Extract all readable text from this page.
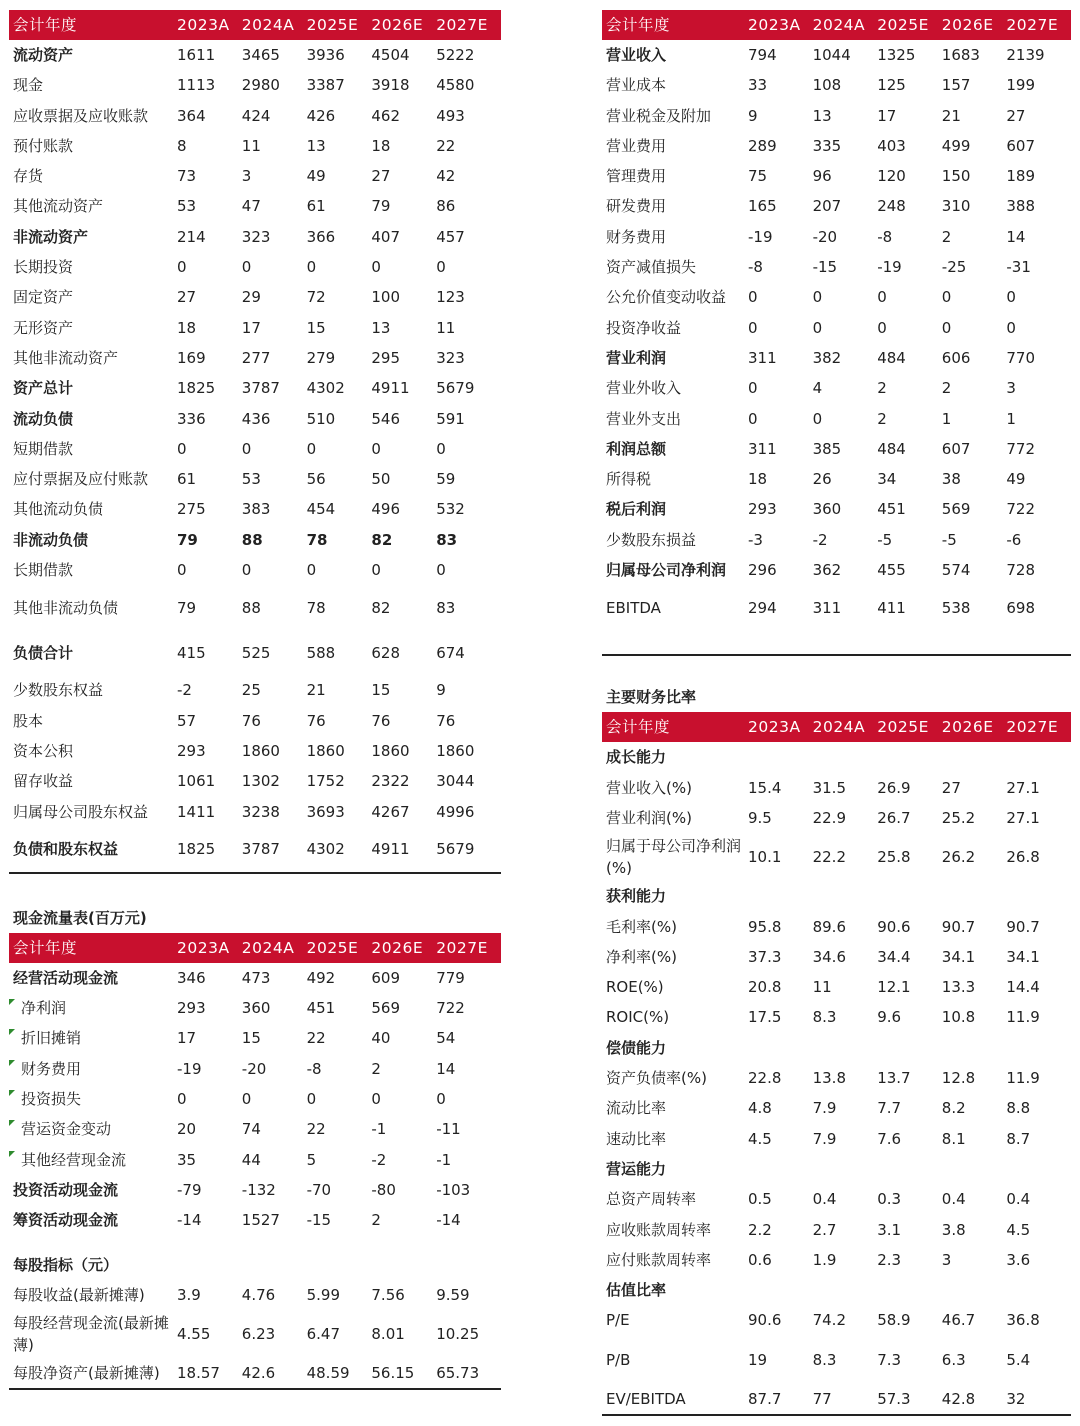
会计年度	2023A	2024A	2025E	2026E	2027E
流动资产	1611	3465	3936	4504	5222
现金	1113	2980	3387	3918	4580
应收票据及应收账款	364	424	426	462	493
预付账款	8	11	13	18	22
存货	73	3	49	27	42
其他流动资产	53	47	61	79	86
非流动资产	214	323	366	407	457
长期投资	0	0	0	0	0
固定资产	27	29	72	100	123
无形资产	18	17	15	13	11
其他非流动资产	169	277	279	295	323
资产总计	1825	3787	4302	4911	5679
流动负债	336	436	510	546	591
短期借款	0	0	0	0	0
应付票据及应付账款	61	53	56	50	59
其他流动负债	275	383	454	496	532
非流动负债	79	88	78	82	83
长期借款	0	0	0	0	0
其他非流动负债	79	88	78	82	83
负债合计	415	525	588	628	674
少数股东权益	-2	25	21	15	9
股本	57	76	76	76	76
资本公积	293	1860	1860	1860	1860
留存收益	1061	1302	1752	2322	3044
归属母公司股东权益	1411	3238	3693	4267	4996
负债和股东权益	1825	3787	4302	4911	5679
现金流量表(百万元)
会计年度	2023A	2024A	2025E	2026E	2027E
经营活动现金流	346	473	492	609	779
净利润	293	360	451	569	722
折旧摊销	17	15	22	40	54
财务费用	-19	-20	-8	2	14
投资损失	0	0	0	0	0
营运资金变动	20	74	22	-1	-11
其他经营现金流	35	44	5	-2	-1
投资活动现金流	-79	-132	-70	-80	-103
筹资活动现金流	-14	1527	-15	2	-14
每股指标（元）
每股收益(最新摊薄)	3.9	4.76	5.99	7.56	9.59
每股经营现金流(最新摊薄)	4.55	6.23	6.47	8.01	10.25
每股净资产(最新摊薄)	18.57	42.6	48.59	56.15	65.73
会计年度	2023A	2024A	2025E	2026E	2027E
营业收入	794	1044	1325	1683	2139
营业成本	33	108	125	157	199
营业税金及附加	9	13	17	21	27
营业费用	289	335	403	499	607
管理费用	75	96	120	150	189
研发费用	165	207	248	310	388
财务费用	-19	-20	-8	2	14
资产减值损失	-8	-15	-19	-25	-31
公允价值变动收益	0	0	0	0	0
投资净收益	0	0	0	0	0
营业利润	311	382	484	606	770
营业外收入	0	4	2	2	3
营业外支出	0	0	2	1	1
利润总额	311	385	484	607	772
所得税	18	26	34	38	49
税后利润	293	360	451	569	722
少数股东损益	-3	-2	-5	-5	-6
归属母公司净利润	296	362	455	574	728
EBITDA	294	311	411	538	698
主要财务比率
会计年度	2023A	2024A	2025E	2026E	2027E
成长能力					
营业收入(%)	15.4	31.5	26.9	27	27.1
营业利润(%)	9.5	22.9	26.7	25.2	27.1
归属于母公司净利润(%)	10.1	22.2	25.8	26.2	26.8
获利能力					
毛利率(%)	95.8	89.6	90.6	90.7	90.7
净利率(%)	37.3	34.6	34.4	34.1	34.1
ROE(%)	20.8	11	12.1	13.3	14.4
ROIC(%)	17.5	8.3	9.6	10.8	11.9
偿债能力					
资产负债率(%)	22.8	13.8	13.7	12.8	11.9
流动比率	4.8	7.9	7.7	8.2	8.8
速动比率	4.5	7.9	7.6	8.1	8.7
营运能力					
总资产周转率	0.5	0.4	0.3	0.4	0.4
应收账款周转率	2.2	2.7	3.1	3.8	4.5
应付账款周转率	0.6	1.9	2.3	3	3.6
估值比率					
P/E	90.6	74.2	58.9	46.7	36.8
P/B	19	8.3	7.3	6.3	5.4
EV/EBITDA	87.7	77	57.3	42.8	32
